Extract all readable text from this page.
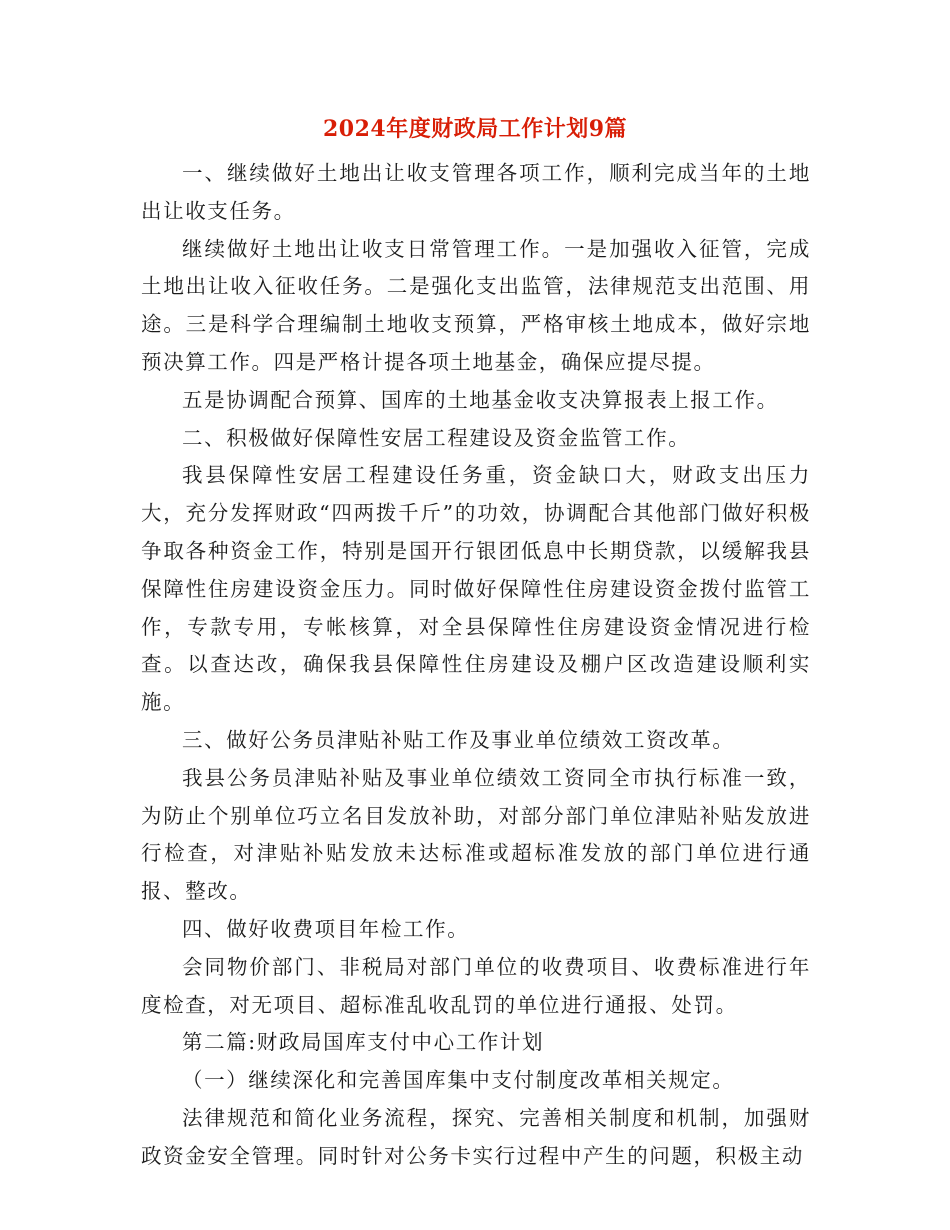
2024年度财政局工作计划9篇

一、继续做好土地出让收支管理各项工作，顺利完成当年的土地出让收支任务。

继续做好土地出让收支日常管理工作。一是加强收入征管，完成土地出让收入征收任务。二是强化支出监管，法律规范支出范围、用途。三是科学合理编制土地收支预算，严格审核土地成本，做好宗地预决算工作。四是严格计提各项土地基金，确保应提尽提。

五是协调配合预算、国库的土地基金收支决算报表上报工作。

二、积极做好保障性安居工程建设及资金监管工作。

我县保障性安居工程建设任务重，资金缺口大，财政支出压力大，充分发挥财政“四两拨千斤”的功效，协调配合其他部门做好积极争取各种资金工作，特别是国开行银团低息中长期贷款，以缓解我县保障性住房建设资金压力。同时做好保障性住房建设资金拨付监管工作，专款专用，专帐核算，对全县保障性住房建设资金情况进行检查。以查达改，确保我县保障性住房建设及棚户区改造建设顺利实施。

三、做好公务员津贴补贴工作及事业单位绩效工资改革。

我县公务员津贴补贴及事业单位绩效工资同全市执行标准一致，为防止个别单位巧立名目发放补助，对部分部门单位津贴补贴发放进行检查，对津贴补贴发放未达标准或超标准发放的部门单位进行通报、整改。

四、做好收费项目年检工作。

会同物价部门、非税局对部门单位的收费项目、收费标准进行年度检查，对无项目、超标准乱收乱罚的单位进行通报、处罚。

第二篇:财政局国库支付中心工作计划

（一）继续深化和完善国库集中支付制度改革相关规定。

法律规范和简化业务流程，探究、完善相关制度和机制，加强财政资金安全管理。同时针对公务卡实行过程中产生的问题，积极主动
